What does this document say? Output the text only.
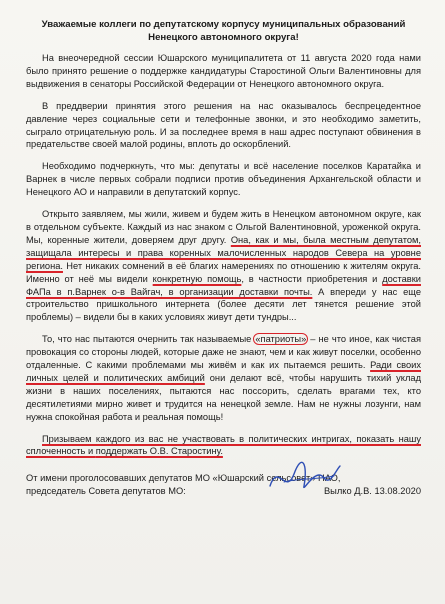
Уважаемые коллеги по депутатскому корпусу муниципальных образований
Ненецкого автономного округа!

На внеочередной сессии Юшарского муниципалитета от 11 августа 2020 года нами было принято решение о поддержке кандидатуры Старостиной Ольги Валентиновны для выдвижения в сенаторы Российской Федерации от Ненецкого автономного округа.

В преддверии принятия этого решения на нас оказывалось беспрецедентное давление через социальные сети и телефонные звонки, и это необходимо заметить, сыграло отрицательную роль. И за последнее время в наш адрес поступают обвинения в предательстве своей малой родины, вплоть до оскорблений.

Необходимо подчеркнуть, что мы: депутаты и всё население поселков Каратайка и Варнек в числе первых собрали подписи против объединения Архангельской области и Ненецкого АО и направили в депутатский корпус.

Открыто заявляем, мы жили, живем и будем жить в Ненецком автономном округе, как в отдельном субъекте. Каждый из нас знаком с Ольгой Валентиновной, уроженкой округа. Мы, коренные жители, доверяем друг другу. Она, как и мы, была местным депутатом, защищала интересы и права коренных малочисленных народов Севера на уровне региона. Нет никаких сомнений в её благих намерениях по отношению к жителям округа. Именно от неё мы видели конкретную помощь, в частности приобретения и доставки ФАПа в п.Варнек о-в Вайгач, в организации доставки почты. А впереди у нас еще строительство пришкольного интернета (более десяти лет тянется решение этой проблемы) – видели бы в каких условиях живут дети тундры...

То, что нас пытаются очернить так называемые «патриоты» – не что иное, как чистая провокация со стороны людей, которые даже не знают, чем и как живут поселки, особенно отдаленные. С какими проблемами мы живём и как их пытаемся решить. Ради своих личных целей и политических амбиций они делают всё, чтобы нарушить тихий уклад жизни в наших поселениях, пытаются нас поссорить, сделать врагами тех, кто десятилетиями мирно живет и трудится на ненецкой земле. Нам не нужны лозунги, нам нужна спокойная работа и реальная помощь!

Призываем каждого из вас не участвовать в политических интригах, показать нашу сплоченность и поддержать О.В. Старостину.

От имени проголосовавших депутатов МО «Юшарский сельсовет» НАО,
председатель Совета депутатов МО:	Вылко Д.В. 13.08.2020
